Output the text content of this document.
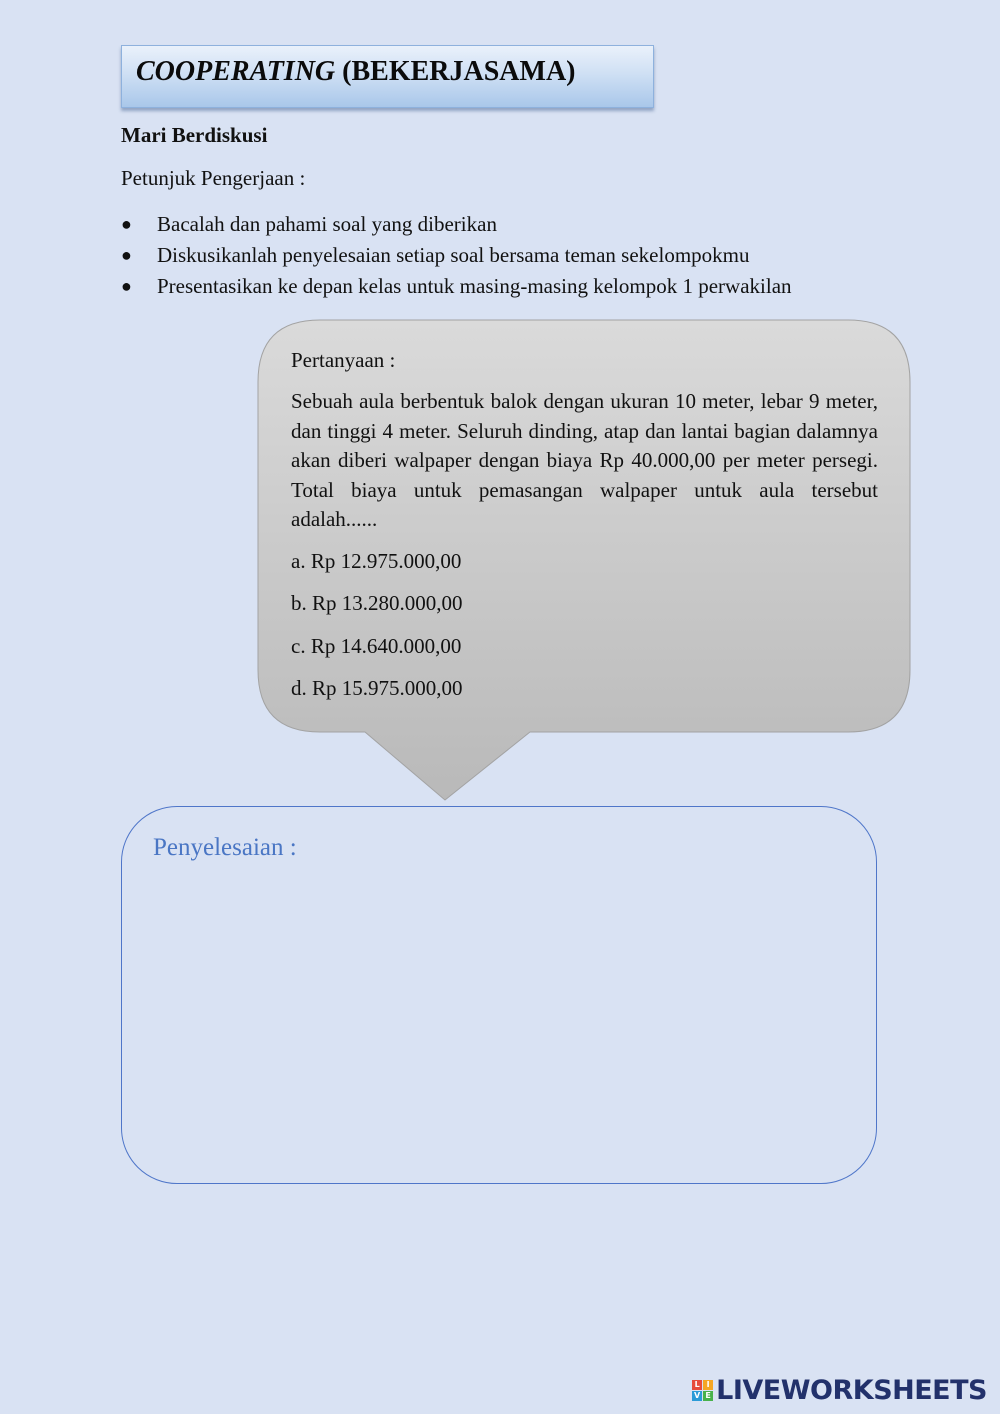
COOPERATING (BEKERJASAMA)
Mari Berdiskusi
Petunjuk Pengerjaan :
● Bacalah dan pahami soal yang diberikan
● Diskusikanlah penyelesaian setiap soal bersama teman sekelompokmu
● Presentasikan ke depan kelas untuk masing-masing kelompok 1 perwakilan

Pertanyaan :

Sebuah aula berbentuk balok dengan ukuran 10 meter, lebar 9 meter, dan tinggi 4 meter. Seluruh dinding, atap dan lantai bagian dalamnya akan diberi walpaper dengan biaya Rp 40.000,00 per meter persegi. Total biaya untuk pemasangan walpaper untuk aula tersebut adalah......

a. Rp 12.975.000,00

b. Rp 13.280.000,00

c. Rp 14.640.000,00

d. Rp 15.975.000,00

Penyelesaian :
L I
V E LIVEWORKSHEETS
